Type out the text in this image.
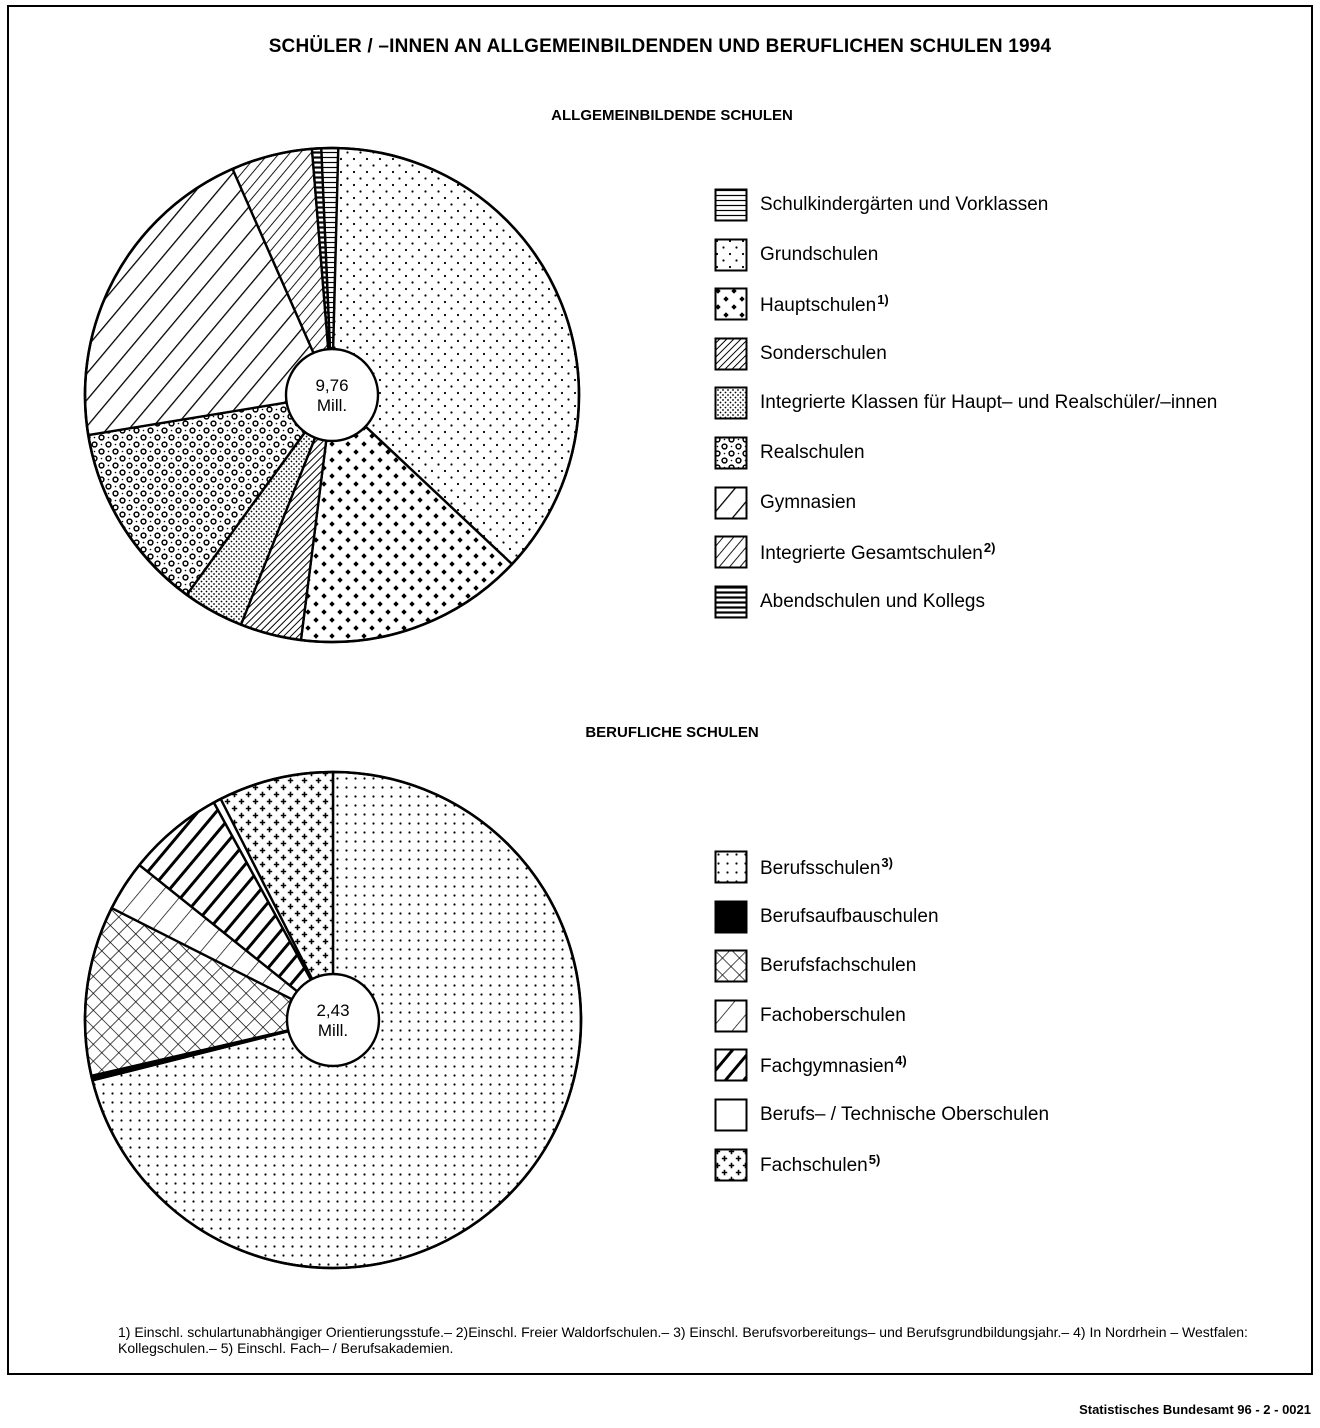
SCHÜLER / –INNEN AN ALLGEMEINBILDENDEN UND BERUFLICHEN SCHULEN 1994
ALLGEMEINBILDENDE SCHULEN
BERUFLICHE SCHULEN
9,76
Mill.
2,43
Mill.
Schulkindergärten und Vorklassen
Grundschulen
Hauptschulen$^{1)}$
Sonderschulen
Integrierte Klassen für Haupt– und Realschüler/–innen
Realschulen
Gymnasien
Integrierte Gesamtschulen$^{2)}$
Abendschulen und Kollegs
Berufsschulen$^{3)}$
Berufsaufbauschulen
Berufsfachschulen
Fachoberschulen
Fachgymnasien$^{4)}$
Berufs– / Technische Oberschulen
Fachschulen$^{5)}$

1) Einschl. schulartunabhängiger Orientierungsstufe.– 2)Einschl. Freier Waldorfschulen.– 3) Einschl. Berufsvorbereitungs– und Berufsgrundbildungsjahr.– 4) In Nordrhein – Westfalen: Kollegschulen.– 5) Einschl. Fach– / Berufsakademien.

Statistisches Bundesamt 96 - 2 - 0021
